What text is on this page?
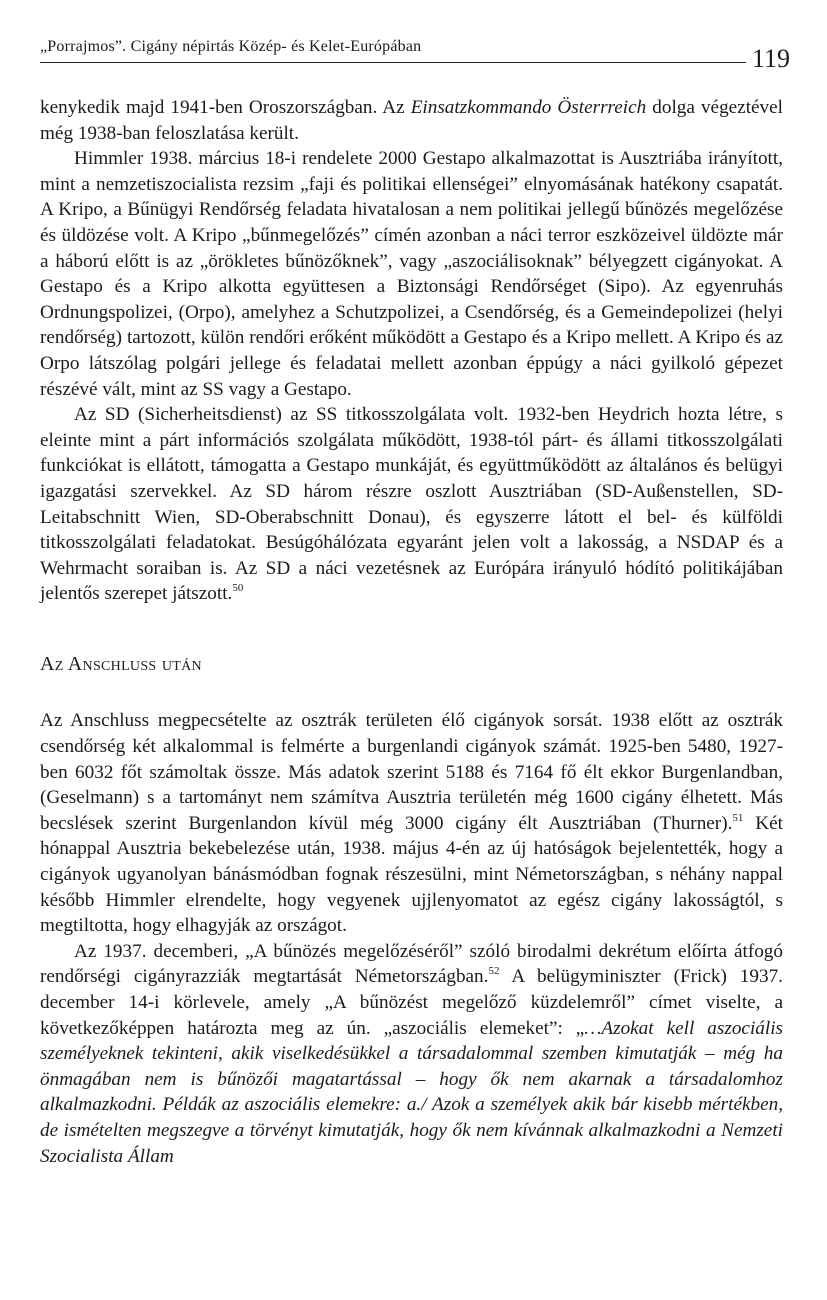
„Porrajmos”. Cigány népirtás Közép- és Kelet-Európában	119

kenykedik majd 1941-ben Oroszországban. Az Einsatzkommando Österrreich dolga végeztével még 1938-ban feloszlatása került.

Himmler 1938. március 18-i rendelete 2000 Gestapo alkalmazottat is Ausztriába irányított, mint a nemzetiszocialista rezsim „faji és politikai ellenségei” elnyomásának hatékony csapatát. A Kripo, a Bűnügyi Rendőrség feladata hivatalosan a nem politikai jellegű bűnözés megelőzése és üldözése volt. A Kripo „bűnmegelőzés” címén azonban a náci terror eszközeivel üldözte már a háború előtt is az „örökletes bűnözőknek”, vagy „aszociálisoknak” bélyegzett cigányokat. A Gestapo és a Kripo alkotta együttesen a Biztonsági Rendőrséget (Sipo). Az egyenruhás Ordnungspolizei, (Orpo), amelyhez a Schutzpolizei, a Csendőrség, és a Gemeindepolizei (helyi rendőrség) tartozott, külön rendőri erőként működött a Gestapo és a Kripo mellett. A Kripo és az Orpo látszólag polgári jellege és feladatai mellett azonban éppúgy a náci gyilkoló gépezet részévé vált, mint az SS vagy a Gestapo.

Az SD (Sicherheitsdienst) az SS titkosszolgálata volt. 1932-ben Heydrich hozta létre, s eleinte mint a párt információs szolgálata működött, 1938-tól párt- és állami titkosszolgálati funkciókat is ellátott, támogatta a Gestapo munkáját, és együttműködött az általános és belügyi igazgatási szervekkel. Az SD három részre oszlott Ausztriában (SD-Außenstellen, SD-Leitabschnitt Wien, SD-Oberabschnitt Donau), és egyszerre látott el bel- és külföldi titkosszolgálati feladatokat. Besúgóhálózata egyaránt jelen volt a lakosság, a NSDAP és a Wehrmacht soraiban is. Az SD a náci vezetésnek az Európára irányuló hódító politikájában jelentős szerepet játszott.$^{50}$

Az Anschluss után

Az Anschluss megpecsételte az osztrák területen élő cigányok sorsát. 1938 előtt az osztrák csendőrség két alkalommal is felmérte a burgenlandi cigányok számát. 1925-ben 5480, 1927-ben 6032 főt számoltak össze. Más adatok szerint 5188 és 7164 fő élt ekkor Burgenlandban, (Geselmann) s a tartományt nem számítva Ausztria területén még 1600 cigány élhetett. Más becslések szerint Burgenlandon kívül még 3000 cigány élt Ausztriában (Thurner).$^{51}$ Két hónappal Ausztria bekebelezése után, 1938. május 4-én az új hatóságok bejelentették, hogy a cigányok ugyanolyan bánásmódban fognak részesülni, mint Németországban, s néhány nappal később Himmler elrendelte, hogy vegyenek ujjlenyomatot az egész cigány lakosságtól, s megtiltotta, hogy elhagyják az országot.

Az 1937. decemberi, „A bűnözés megelőzéséről” szóló birodalmi dekrétum előírta átfogó rendőrségi cigányrazziák megtartását Németországban.$^{52}$ A belügyminiszter (Frick) 1937. december 14-i körlevele, amely „A bűnözést megelőző küzdelemről” címet viselte, a következőképpen határozta meg az ún. „aszociális elemeket”: „…Azokat kell aszociális személyeknek tekinteni, akik viselkedésükkel a társadalommal szemben kimutatják – még ha önmagában nem is bűnözői magatartással – hogy ők nem akarnak a társadalomhoz alkalmazkodni. Példák az aszociális elemekre: a./ Azok a személyek akik bár kisebb mértékben, de ismételten megszegve a törvényt kimutatják, hogy ők nem kívánnak alkalmazkodni a Nemzeti Szocialista Állam
